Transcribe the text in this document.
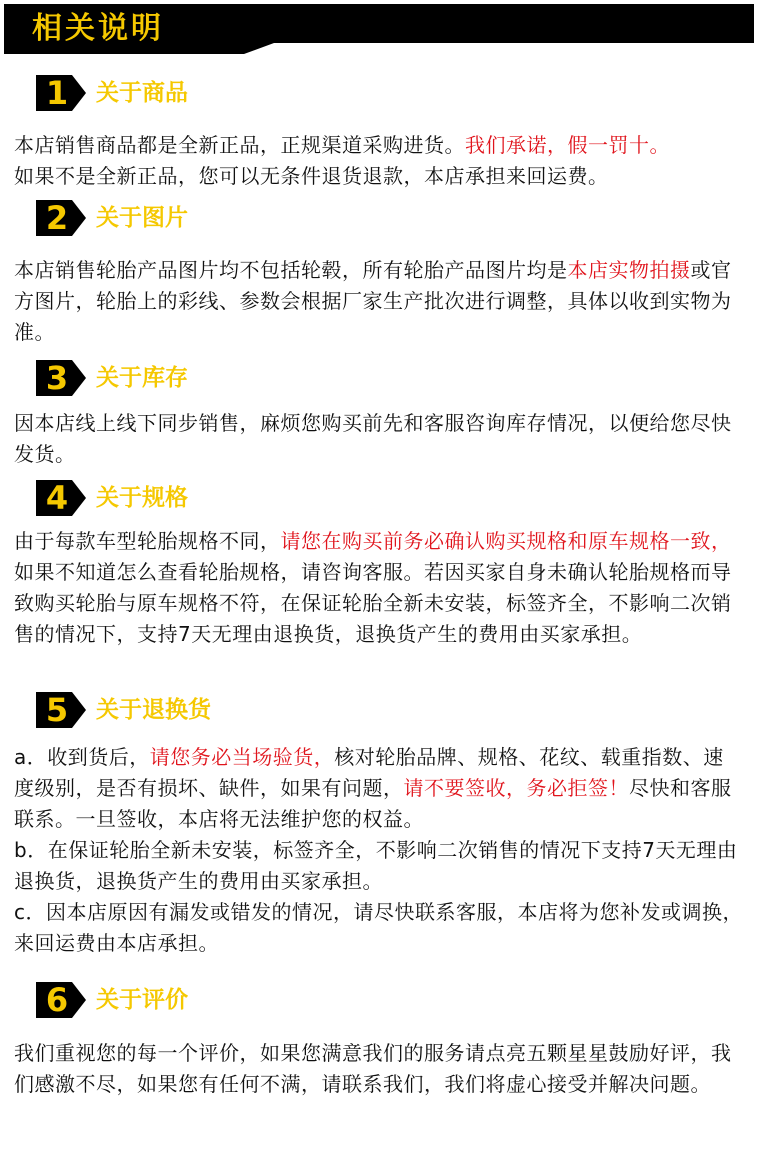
相关说明
1 关于商品
本店销售商品都是全新正品，正规渠道采购进货。我们承诺，假一罚十。
如果不是全新正品，您可以无条件退货退款，本店承担来回运费。
2 关于图片
本店销售轮胎产品图片均不包括轮毂，所有轮胎产品图片均是本店实物拍摄或官方图片，轮胎上的彩线、参数会根据厂家生产批次进行调整，具体以收到实物为准。
3 关于库存
因本店线上线下同步销售，麻烦您购买前先和客服咨询库存情况，以便给您尽快发货。
4 关于规格
由于每款车型轮胎规格不同，请您在购买前务必确认购买规格和原车规格一致，如果不知道怎么查看轮胎规格，请咨询客服。若因买家自身未确认轮胎规格而导致购买轮胎与原车规格不符，在保证轮胎全新未安装，标签齐全，不影响二次销售的情况下，支持7天无理由退换货，退换货产生的费用由买家承担。
5 关于退换货
a．收到货后，请您务必当场验货，核对轮胎品牌、规格、花纹、载重指数、速度级别，是否有损坏、缺件，如果有问题，请不要签收，务必拒签！尽快和客服联系。一旦签收，本店将无法维护您的权益。
b．在保证轮胎全新未安装，标签齐全，不影响二次销售的情况下支持7天无理由退换货，退换货产生的费用由买家承担。
c．因本店原因有漏发或错发的情况，请尽快联系客服，本店将为您补发或调换，来回运费由本店承担。
6 关于评价
我们重视您的每一个评价，如果您满意我们的服务请点亮五颗星星鼓励好评，我们感激不尽，如果您有任何不满，请联系我们，我们将虚心接受并解决问题。
